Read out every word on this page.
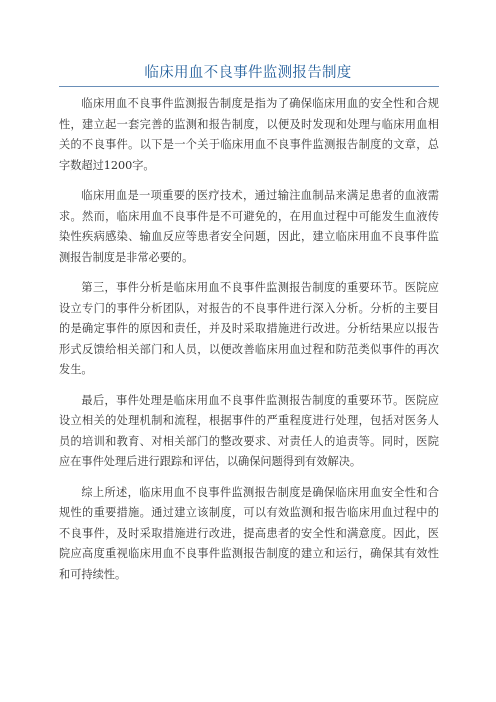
临床用血不良事件监测报告制度

临床用血不良事件监测报告制度是指为了确保临床用血的安全性和合规性，建立起一套完善的监测和报告制度，以便及时发现和处理与临床用血相关的不良事件。以下是一个关于临床用血不良事件监测报告制度的文章，总字数超过1200字。

临床用血是一项重要的医疗技术，通过输注血制品来满足患者的血液需求。然而，临床用血不良事件是不可避免的，在用血过程中可能发生血液传染性疾病感染、输血反应等患者安全问题，因此，建立临床用血不良事件监测报告制度是非常必要的。

第三，事件分析是临床用血不良事件监测报告制度的重要环节。医院应设立专门的事件分析团队，对报告的不良事件进行深入分析。分析的主要目的是确定事件的原因和责任，并及时采取措施进行改进。分析结果应以报告形式反馈给相关部门和人员，以便改善临床用血过程和防范类似事件的再次发生。

最后，事件处理是临床用血不良事件监测报告制度的重要环节。医院应设立相关的处理机制和流程，根据事件的严重程度进行处理，包括对医务人员的培训和教育、对相关部门的整改要求、对责任人的追责等。同时，医院应在事件处理后进行跟踪和评估，以确保问题得到有效解决。

综上所述，临床用血不良事件监测报告制度是确保临床用血安全性和合规性的重要措施。通过建立该制度，可以有效监测和报告临床用血过程中的不良事件，及时采取措施进行改进，提高患者的安全性和满意度。因此，医院应高度重视临床用血不良事件监测报告制度的建立和运行，确保其有效性和可持续性。
